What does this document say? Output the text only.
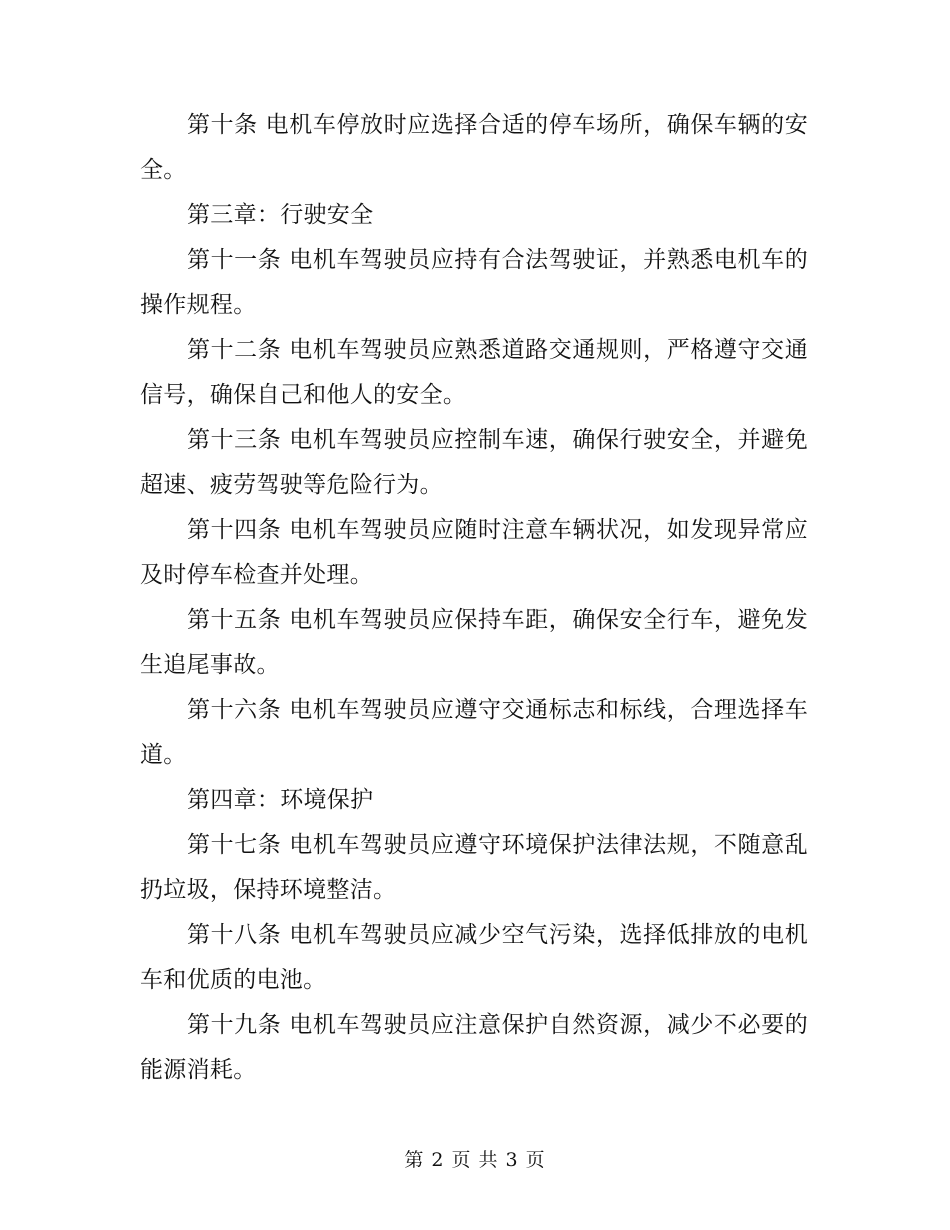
第十条 电机车停放时应选择合适的停车场所，确保车辆的安全。

第三章：行驶安全

第十一条 电机车驾驶员应持有合法驾驶证，并熟悉电机车的操作规程。

第十二条 电机车驾驶员应熟悉道路交通规则，严格遵守交通信号，确保自己和他人的安全。

第十三条 电机车驾驶员应控制车速，确保行驶安全，并避免超速、疲劳驾驶等危险行为。

第十四条 电机车驾驶员应随时注意车辆状况，如发现异常应及时停车检查并处理。

第十五条 电机车驾驶员应保持车距，确保安全行车，避免发生追尾事故。

第十六条 电机车驾驶员应遵守交通标志和标线，合理选择车道。

第四章：环境保护

第十七条 电机车驾驶员应遵守环境保护法律法规，不随意乱扔垃圾，保持环境整洁。

第十八条 电机车驾驶员应减少空气污染，选择低排放的电机车和优质的电池。

第十九条 电机车驾驶员应注意保护自然资源，减少不必要的能源消耗。

第 2 页 共 3 页
